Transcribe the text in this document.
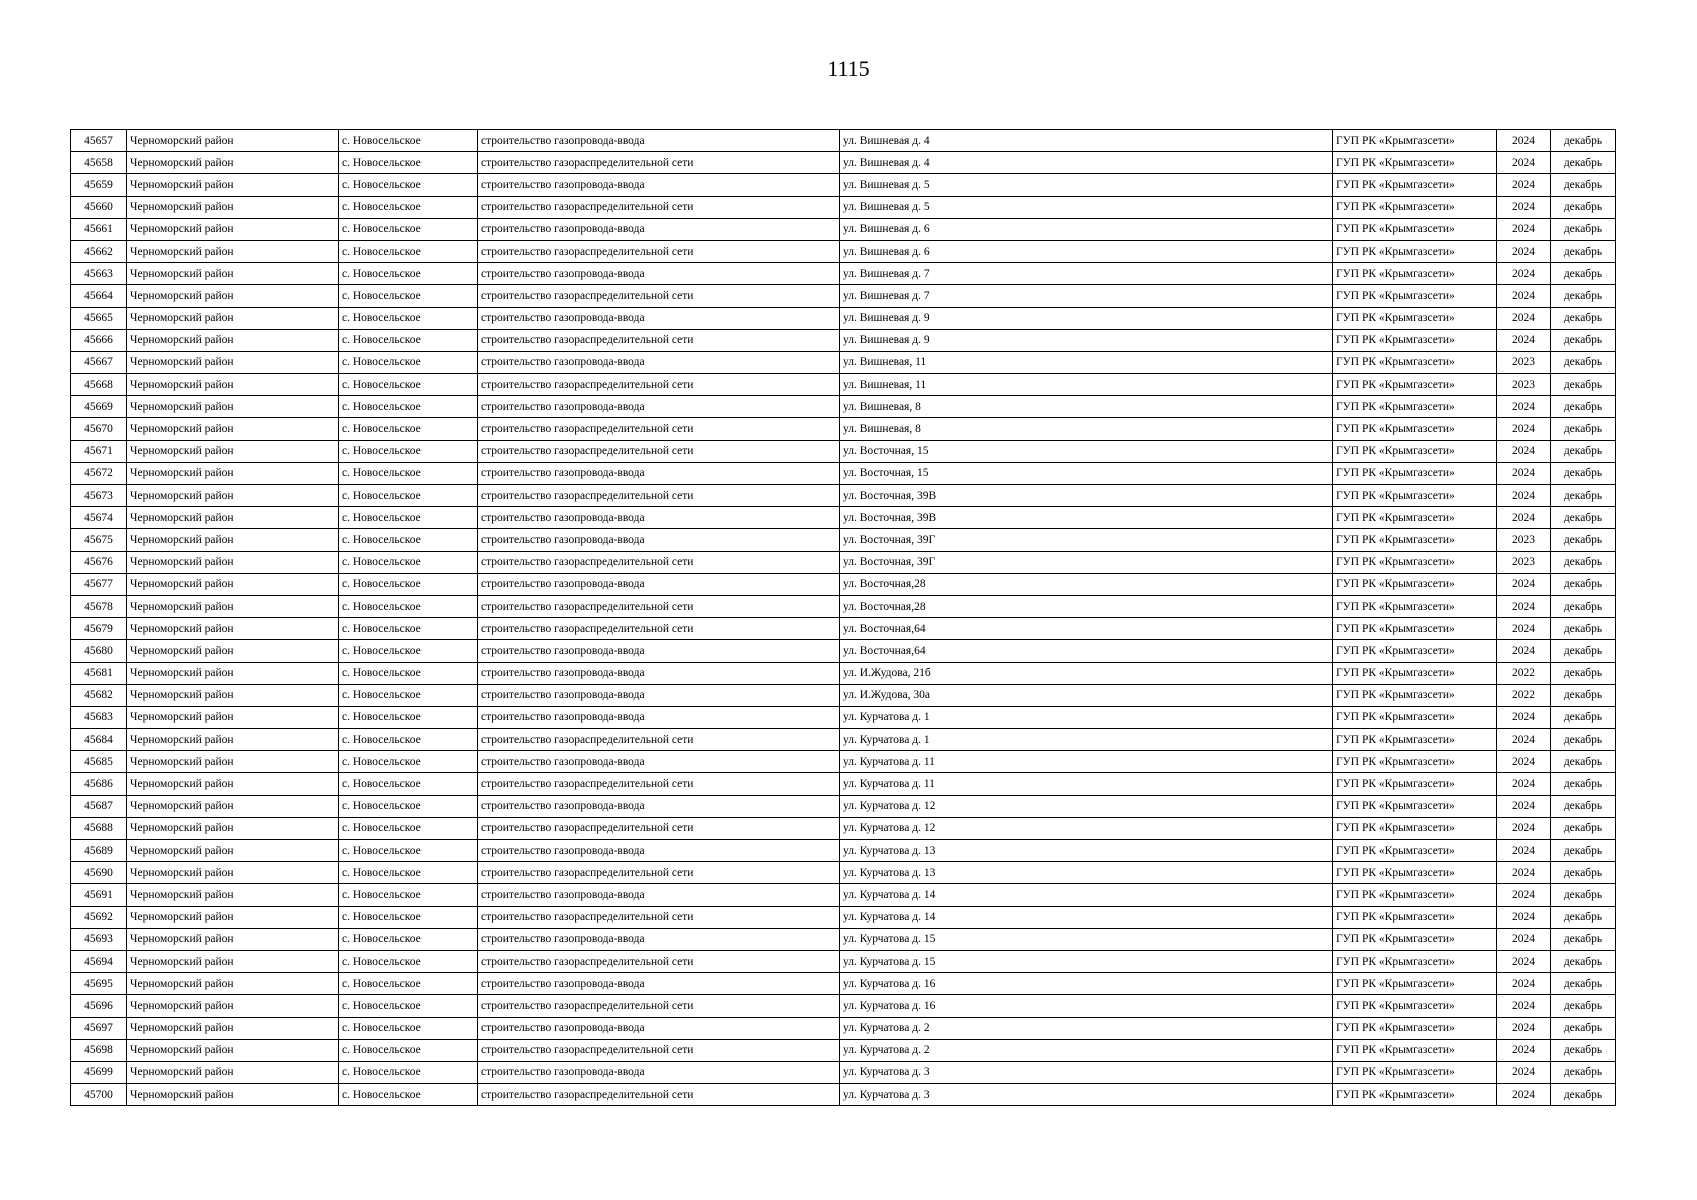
1115
45657	Черноморский район	с. Новосельское	строительство газопровода-ввода	ул. Вишневая д. 4	ГУП РК «Крымгазсети»	2024	декабрь
45658	Черноморский район	с. Новосельское	строительство газораспределительной сети	ул. Вишневая д. 4	ГУП РК «Крымгазсети»	2024	декабрь
45659	Черноморский район	с. Новосельское	строительство газопровода-ввода	ул. Вишневая д. 5	ГУП РК «Крымгазсети»	2024	декабрь
45660	Черноморский район	с. Новосельское	строительство газораспределительной сети	ул. Вишневая д. 5	ГУП РК «Крымгазсети»	2024	декабрь
45661	Черноморский район	с. Новосельское	строительство газопровода-ввода	ул. Вишневая д. 6	ГУП РК «Крымгазсети»	2024	декабрь
45662	Черноморский район	с. Новосельское	строительство газораспределительной сети	ул. Вишневая д. 6	ГУП РК «Крымгазсети»	2024	декабрь
45663	Черноморский район	с. Новосельское	строительство газопровода-ввода	ул. Вишневая д. 7	ГУП РК «Крымгазсети»	2024	декабрь
45664	Черноморский район	с. Новосельское	строительство газораспределительной сети	ул. Вишневая д. 7	ГУП РК «Крымгазсети»	2024	декабрь
45665	Черноморский район	с. Новосельское	строительство газопровода-ввода	ул. Вишневая д. 9	ГУП РК «Крымгазсети»	2024	декабрь
45666	Черноморский район	с. Новосельское	строительство газораспределительной сети	ул. Вишневая д. 9	ГУП РК «Крымгазсети»	2024	декабрь
45667	Черноморский район	с. Новосельское	строительство газопровода-ввода	ул. Вишневая, 11	ГУП РК «Крымгазсети»	2023	декабрь
45668	Черноморский район	с. Новосельское	строительство газораспределительной сети	ул. Вишневая, 11	ГУП РК «Крымгазсети»	2023	декабрь
45669	Черноморский район	с. Новосельское	строительство газопровода-ввода	ул. Вишневая, 8	ГУП РК «Крымгазсети»	2024	декабрь
45670	Черноморский район	с. Новосельское	строительство газораспределительной сети	ул. Вишневая, 8	ГУП РК «Крымгазсети»	2024	декабрь
45671	Черноморский район	с. Новосельское	строительство газораспределительной сети	ул. Восточная, 15	ГУП РК «Крымгазсети»	2024	декабрь
45672	Черноморский район	с. Новосельское	строительство газопровода-ввода	ул. Восточная, 15	ГУП РК «Крымгазсети»	2024	декабрь
45673	Черноморский район	с. Новосельское	строительство газораспределительной сети	ул. Восточная, 39В	ГУП РК «Крымгазсети»	2024	декабрь
45674	Черноморский район	с. Новосельское	строительство газопровода-ввода	ул. Восточная, 39В	ГУП РК «Крымгазсети»	2024	декабрь
45675	Черноморский район	с. Новосельское	строительство газопровода-ввода	ул. Восточная, 39Г	ГУП РК «Крымгазсети»	2023	декабрь
45676	Черноморский район	с. Новосельское	строительство газораспределительной сети	ул. Восточная, 39Г	ГУП РК «Крымгазсети»	2023	декабрь
45677	Черноморский район	с. Новосельское	строительство газопровода-ввода	ул. Восточная,28	ГУП РК «Крымгазсети»	2024	декабрь
45678	Черноморский район	с. Новосельское	строительство газораспределительной сети	ул. Восточная,28	ГУП РК «Крымгазсети»	2024	декабрь
45679	Черноморский район	с. Новосельское	строительство газораспределительной сети	ул. Восточная,64	ГУП РК «Крымгазсети»	2024	декабрь
45680	Черноморский район	с. Новосельское	строительство газопровода-ввода	ул. Восточная,64	ГУП РК «Крымгазсети»	2024	декабрь
45681	Черноморский район	с. Новосельское	строительство газопровода-ввода	ул. И.Жудова, 21б	ГУП РК «Крымгазсети»	2022	декабрь
45682	Черноморский район	с. Новосельское	строительство газопровода-ввода	ул. И.Жудова, 30а	ГУП РК «Крымгазсети»	2022	декабрь
45683	Черноморский район	с. Новосельское	строительство газопровода-ввода	ул. Курчатова д. 1	ГУП РК «Крымгазсети»	2024	декабрь
45684	Черноморский район	с. Новосельское	строительство газораспределительной сети	ул. Курчатова д. 1	ГУП РК «Крымгазсети»	2024	декабрь
45685	Черноморский район	с. Новосельское	строительство газопровода-ввода	ул. Курчатова д. 11	ГУП РК «Крымгазсети»	2024	декабрь
45686	Черноморский район	с. Новосельское	строительство газораспределительной сети	ул. Курчатова д. 11	ГУП РК «Крымгазсети»	2024	декабрь
45687	Черноморский район	с. Новосельское	строительство газопровода-ввода	ул. Курчатова д. 12	ГУП РК «Крымгазсети»	2024	декабрь
45688	Черноморский район	с. Новосельское	строительство газораспределительной сети	ул. Курчатова д. 12	ГУП РК «Крымгазсети»	2024	декабрь
45689	Черноморский район	с. Новосельское	строительство газопровода-ввода	ул. Курчатова д. 13	ГУП РК «Крымгазсети»	2024	декабрь
45690	Черноморский район	с. Новосельское	строительство газораспределительной сети	ул. Курчатова д. 13	ГУП РК «Крымгазсети»	2024	декабрь
45691	Черноморский район	с. Новосельское	строительство газопровода-ввода	ул. Курчатова д. 14	ГУП РК «Крымгазсети»	2024	декабрь
45692	Черноморский район	с. Новосельское	строительство газораспределительной сети	ул. Курчатова д. 14	ГУП РК «Крымгазсети»	2024	декабрь
45693	Черноморский район	с. Новосельское	строительство газопровода-ввода	ул. Курчатова д. 15	ГУП РК «Крымгазсети»	2024	декабрь
45694	Черноморский район	с. Новосельское	строительство газораспределительной сети	ул. Курчатова д. 15	ГУП РК «Крымгазсети»	2024	декабрь
45695	Черноморский район	с. Новосельское	строительство газопровода-ввода	ул. Курчатова д. 16	ГУП РК «Крымгазсети»	2024	декабрь
45696	Черноморский район	с. Новосельское	строительство газораспределительной сети	ул. Курчатова д. 16	ГУП РК «Крымгазсети»	2024	декабрь
45697	Черноморский район	с. Новосельское	строительство газопровода-ввода	ул. Курчатова д. 2	ГУП РК «Крымгазсети»	2024	декабрь
45698	Черноморский район	с. Новосельское	строительство газораспределительной сети	ул. Курчатова д. 2	ГУП РК «Крымгазсети»	2024	декабрь
45699	Черноморский район	с. Новосельское	строительство газопровода-ввода	ул. Курчатова д. 3	ГУП РК «Крымгазсети»	2024	декабрь
45700	Черноморский район	с. Новосельское	строительство газораспределительной сети	ул. Курчатова д. 3	ГУП РК «Крымгазсети»	2024	декабрь
